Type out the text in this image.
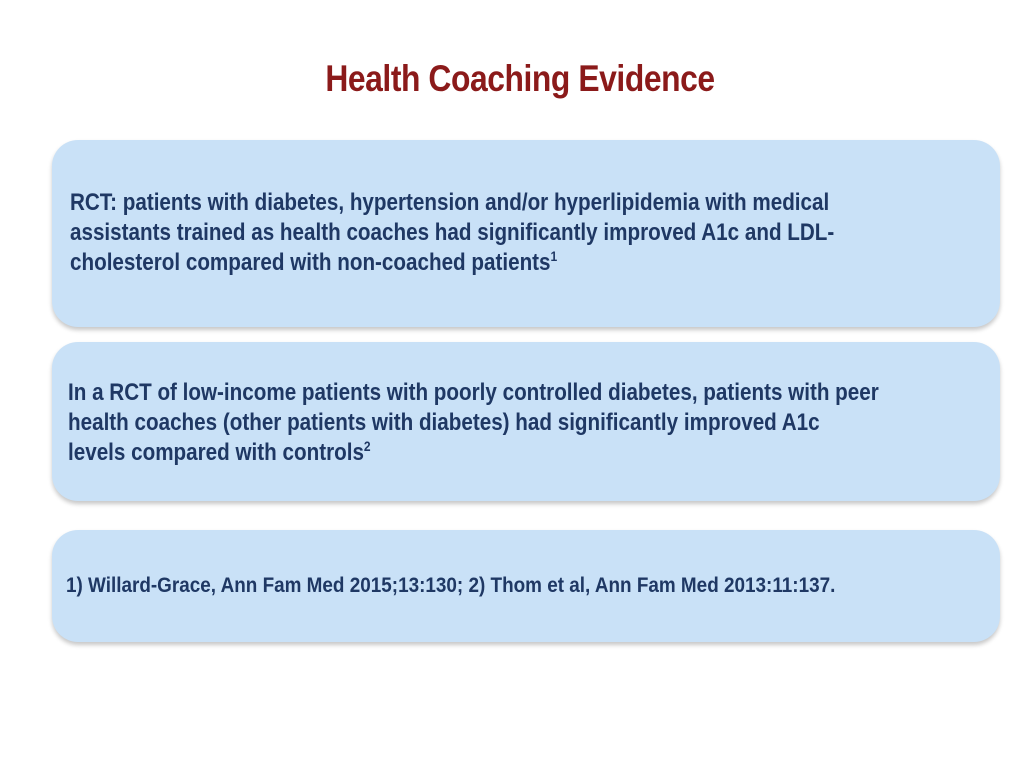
Health Coaching Evidence
RCT: patients with diabetes, hypertension and/or hyperlipidemia with medical
assistants trained as health coaches had significantly improved A1c and LDL-
cholesterol compared with non-coached patients$^1$
In a RCT of low-income patients with poorly controlled diabetes, patients with peer
health coaches (other patients with diabetes) had significantly improved A1c
levels compared with controls$^2$
1) Willard-Grace, Ann Fam Med 2015;13:130; 2) Thom et al, Ann Fam Med 2013:11:137.
